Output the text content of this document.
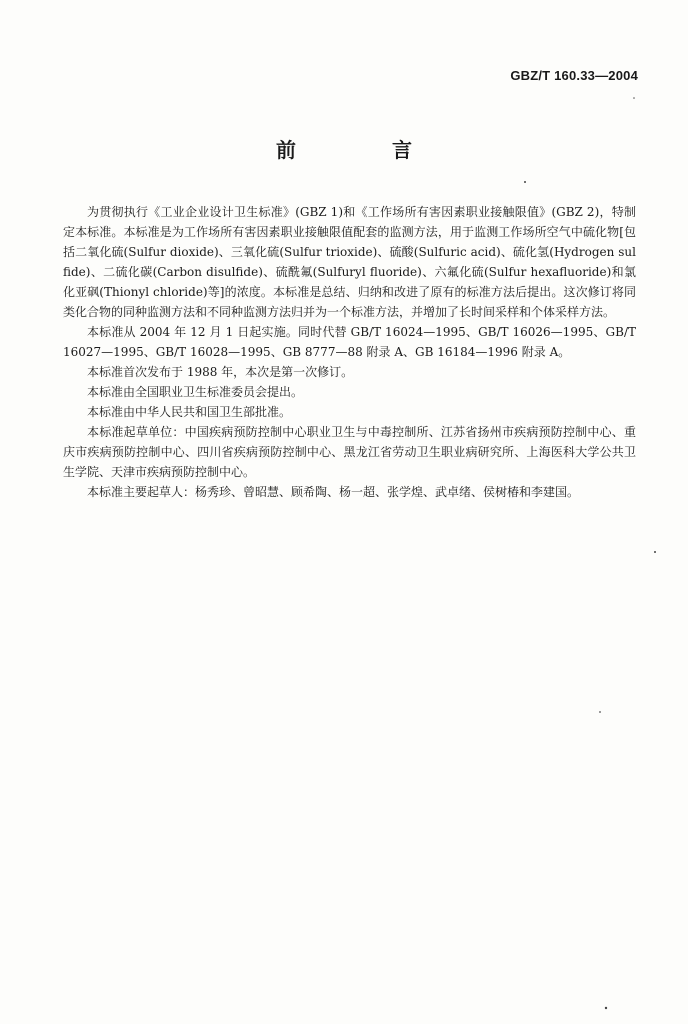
GBZ/T 160.33—2004
前　言

为贯彻执行《工业企业设计卫生标准》(GBZ 1)和《工作场所有害因素职业接触限值》(GBZ 2)，特制定本标准。本标准是为工作场所有害因素职业接触限值配套的监测方法，用于监测工作场所空气中硫化物[包括二氧化硫(Sulfur dioxide)、三氧化硫(Sulfur trioxide)、硫酸(Sulfuric acid)、硫化氢(Hydrogen sulfide)、二硫化碳(Carbon disulfide)、硫酰氟(Sulfuryl fluoride)、六氟化硫(Sulfur hexafluoride)和氯化亚砜(Thionyl chloride)等]的浓度。本标准是总结、归纳和改进了原有的标准方法后提出。这次修订将同类化合物的同种监测方法和不同种监测方法归并为一个标准方法，并增加了长时间采样和个体采样方法。

本标准从 2004 年 12 月 1 日起实施。同时代替 GB/T 16024—1995、GB/T 16026—1995、GB/T 16027—1995、GB/T 16028—1995、GB 8777—88 附录 A、GB 16184—1996 附录 A。

本标准首次发布于 1988 年，本次是第一次修订。

本标准由全国职业卫生标准委员会提出。

本标准由中华人民共和国卫生部批准。

本标准起草单位：中国疾病预防控制中心职业卫生与中毒控制所、江苏省扬州市疾病预防控制中心、重庆市疾病预防控制中心、四川省疾病预防控制中心、黑龙江省劳动卫生职业病研究所、上海医科大学公共卫生学院、天津市疾病预防控制中心。

本标准主要起草人：杨秀珍、曾昭慧、顾希陶、杨一超、张学煌、武卓绪、侯树椿和李建国。
